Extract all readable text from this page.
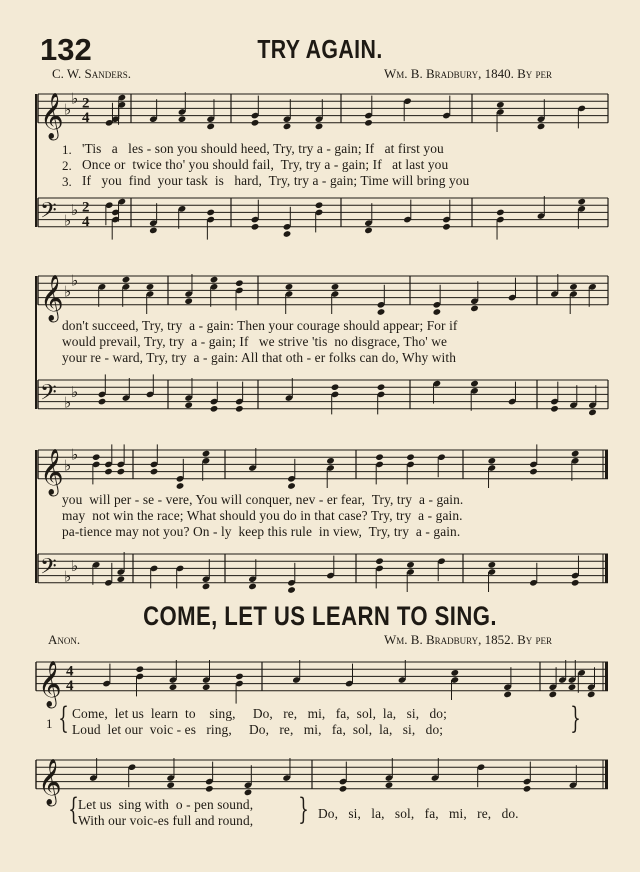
132	TRY AGAIN.
C. W. Sanders.	Wm. B. Bradbury, 1840. By per
𝄞 ♭
♭ 2
4
𝄢 ♭
♭ 2
4
𝄞 ♭
♭
𝄢 ♭
♭
𝄞 ♭
♭
𝄢 ♭
♭
𝄞 4
4
𝄞
1.
2.
3.
'Tis   a   les - son you should heed, Try, try a - gain; If   at first you
Once or  twice tho' you should fail,  Try, try a - gain; If   at last you
If   you  find  your task  is   hard,  Try, try a - gain; Time will bring you
don't succeed, Try, try  a - gain: Then your courage should appear; For if
would prevail, Try, try  a - gain; If   we strive 'tis  no disgrace, Tho' we
your re - ward, Try, try  a - gain: All that oth - er folks can do, Why with
you  will per - se - vere, You will conquer, nev - er fear,  Try, try  a - gain.
may  not win the race; What should you do in that case? Try, try  a - gain.
pa-tience may not you? On - ly  keep this rule  in view,  Try, try  a - gain.
COME, LET US LEARN TO SING.
Anon.	Wm. B. Bradbury, 1852. By per
1 { Come,  let us  learn  to    sing,     Do,   re,   mi,   fa,  sol,  la,   si,   do;
Loud  let our  voic - es   ring,     Do,   re,   mi,   fa,  sol,  la,   si,   do;	}
{ Let us  sing with  o - pen sound,
With our voic-es full and round, } Do,   si,   la,   sol,   fa,   mi,   re,   do.
